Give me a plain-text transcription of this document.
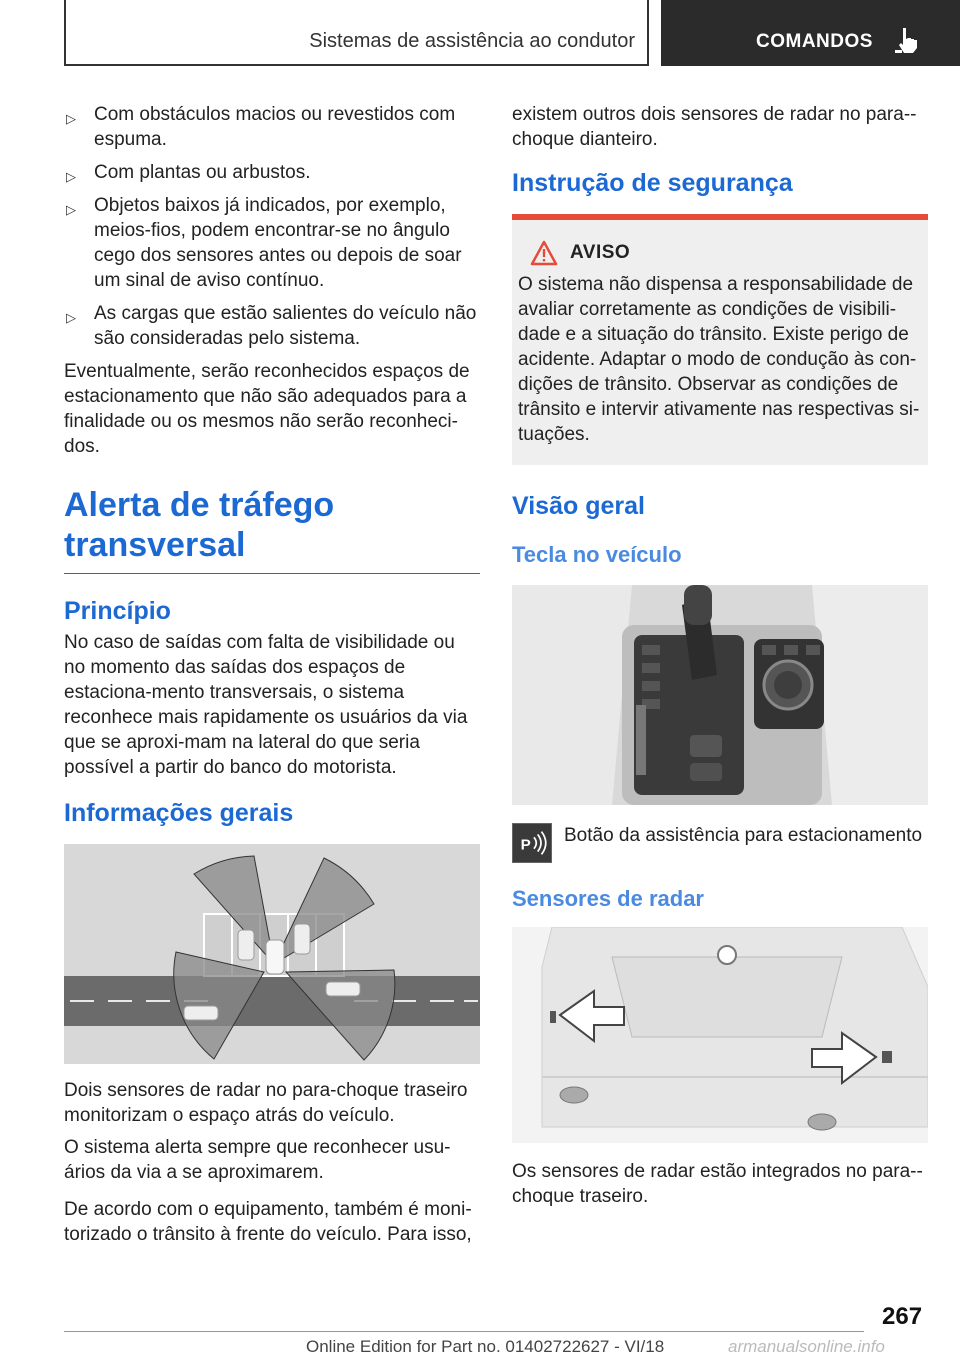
Sistemas de assistência ao condutor	COMANDOS
▷ Com obstáculos macios ou revestidos com espuma.
▷ Com plantas ou arbustos.
▷ Objetos baixos já indicados, por exemplo, meios-fios, podem encontrar-se no ângulo cego dos sensores antes ou depois de soar um sinal de aviso contínuo.
▷ As cargas que estão salientes do veículo não são consideradas pelo sistema.
Eventualmente, serão reconhecidos espaços de estacionamento que não são adequados para a finalidade ou os mesmos não serão reconheci-dos.
Alerta de tráfego transversal
Princípio
No caso de saídas com falta de visibilidade ou no momento das saídas dos espaços de estaciona-mento transversais, o sistema reconhece mais rapidamente os usuários da via que se aproxi-mam na lateral do que seria possível a partir do banco do motorista.
Informações gerais
Dois sensores de radar no para-choque traseiro monitorizam o espaço atrás do veículo.
O sistema alerta sempre que reconhecer usu-ários da via a se aproximarem.
De acordo com o equipamento, também é moni-torizado o trânsito à frente do veículo. Para isso,
existem outros dois sensores de radar no para--choque dianteiro.
Instrução de segurança
AVISO
O sistema não dispensa a responsabilidade de avaliar corretamente as condições de visibili-dade e a situação do trânsito. Existe perigo de acidente. Adaptar o modo de condução às con-dições de trânsito. Observar as condições de trânsito e intervir ativamente nas respectivas si-tuações.
Visão geral
Tecla no veículo
P Botão da assistência para estacionamento
Sensores de radar
Os sensores de radar estão integrados no para--choque traseiro.
267
Online Edition for Part no. 01402722627 - VI/18	armanualsonline.info
